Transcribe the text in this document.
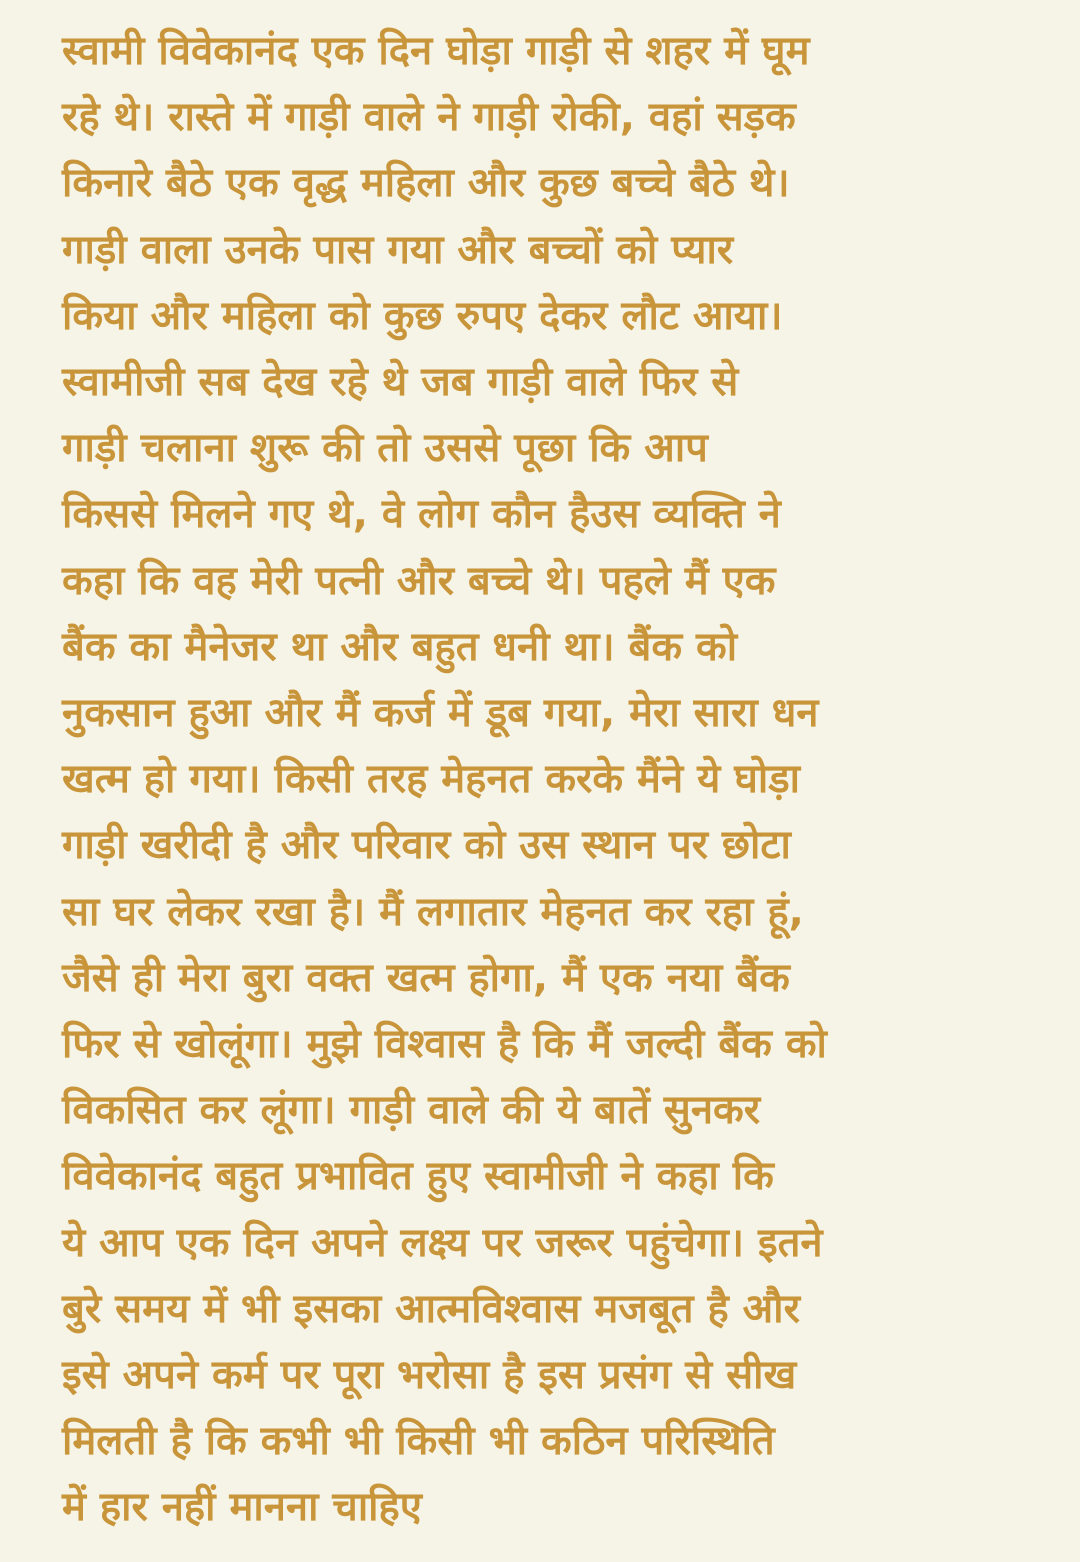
स्वामी विवेकानंद एक दिन घोड़ा गाड़ी से शहर में घूम
रहे थे। रास्ते में गाड़ी वाले ने गाड़ी रोकी, वहां सड़क
किनारे बैठे एक वृद्ध महिला और कुछ बच्चे बैठे थे।
गाड़ी वाला उनके पास गया और बच्चों को प्यार
किया और महिला को कुछ रुपए देकर लौट आया।
स्वामीजी सब देख रहे थे जब गाड़ी वाले फिर से
गाड़ी चलाना शुरू की तो उससे पूछा कि आप
किससे मिलने गए थे, वे लोग कौन हैउस व्यक्ति ने
कहा कि वह मेरी पत्नी और बच्चे थे। पहले मैं एक
बैंक का मैनेजर था और बहुत धनी था। बैंक को
नुकसान हुआ और मैं कर्ज में डूब गया, मेरा सारा धन
खत्म हो गया। किसी तरह मेहनत करके मैंने ये घोड़ा
गाड़ी खरीदी है और परिवार को उस स्थान पर छोटा
सा घर लेकर रखा है। मैं लगातार मेहनत कर रहा हूं,
जैसे ही मेरा बुरा वक्त खत्म होगा, मैं एक नया बैंक
फिर से खोलूंगा। मुझे विश्वास है कि मैं जल्दी बैंक को
विकसित कर लूंगा। गाड़ी वाले की ये बातें सुनकर
विवेकानंद बहुत प्रभावित हुए स्वामीजी ने कहा कि
ये आप एक दिन अपने लक्ष्य पर जरूर पहुंचेगा। इतने
बुरे समय में भी इसका आत्मविश्वास मजबूत है और
इसे अपने कर्म पर पूरा भरोसा है इस प्रसंग से सीख
मिलती है कि कभी भी किसी भी कठिन परिस्थिति
में हार नहीं मानना चाहिए
